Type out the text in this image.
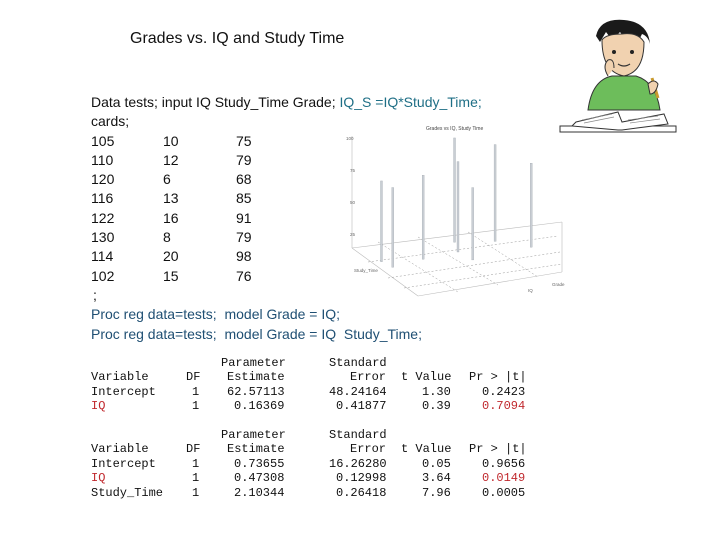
Grades vs. IQ and Study Time
Data tests; input IQ Study_Time Grade; IQ_S =IQ*Study_Time;
cards;
105	10	75
110	12	79
120	6	68
116	13	85
122	16	91
130	8	79
114	20	98
102	15	76
;
Proc reg data=tests;  model Grade = IQ;
Proc reg data=tests;  model Grade = IQ  Study_Time;
Grades vs IQ, Study Time
100
75
50
25
Study_Time
IQ
Grade
Parameter	Standard
Variable	DF Estimate	Error t Value Pr > |t|
Intercept	1 62.57113	48.24164	1.30	0.2423
IQ	1	0.16369	0.41877	0.39	0.7094
Parameter	Standard
Variable	DF Estimate	Error t Value Pr > |t|
Intercept	1	0.73655	16.26280	0.05	0.9656
IQ	1	0.47308	0.12998	3.64	0.0149
Study_Time 1	2.10344	0.26418	7.96	0.0005
